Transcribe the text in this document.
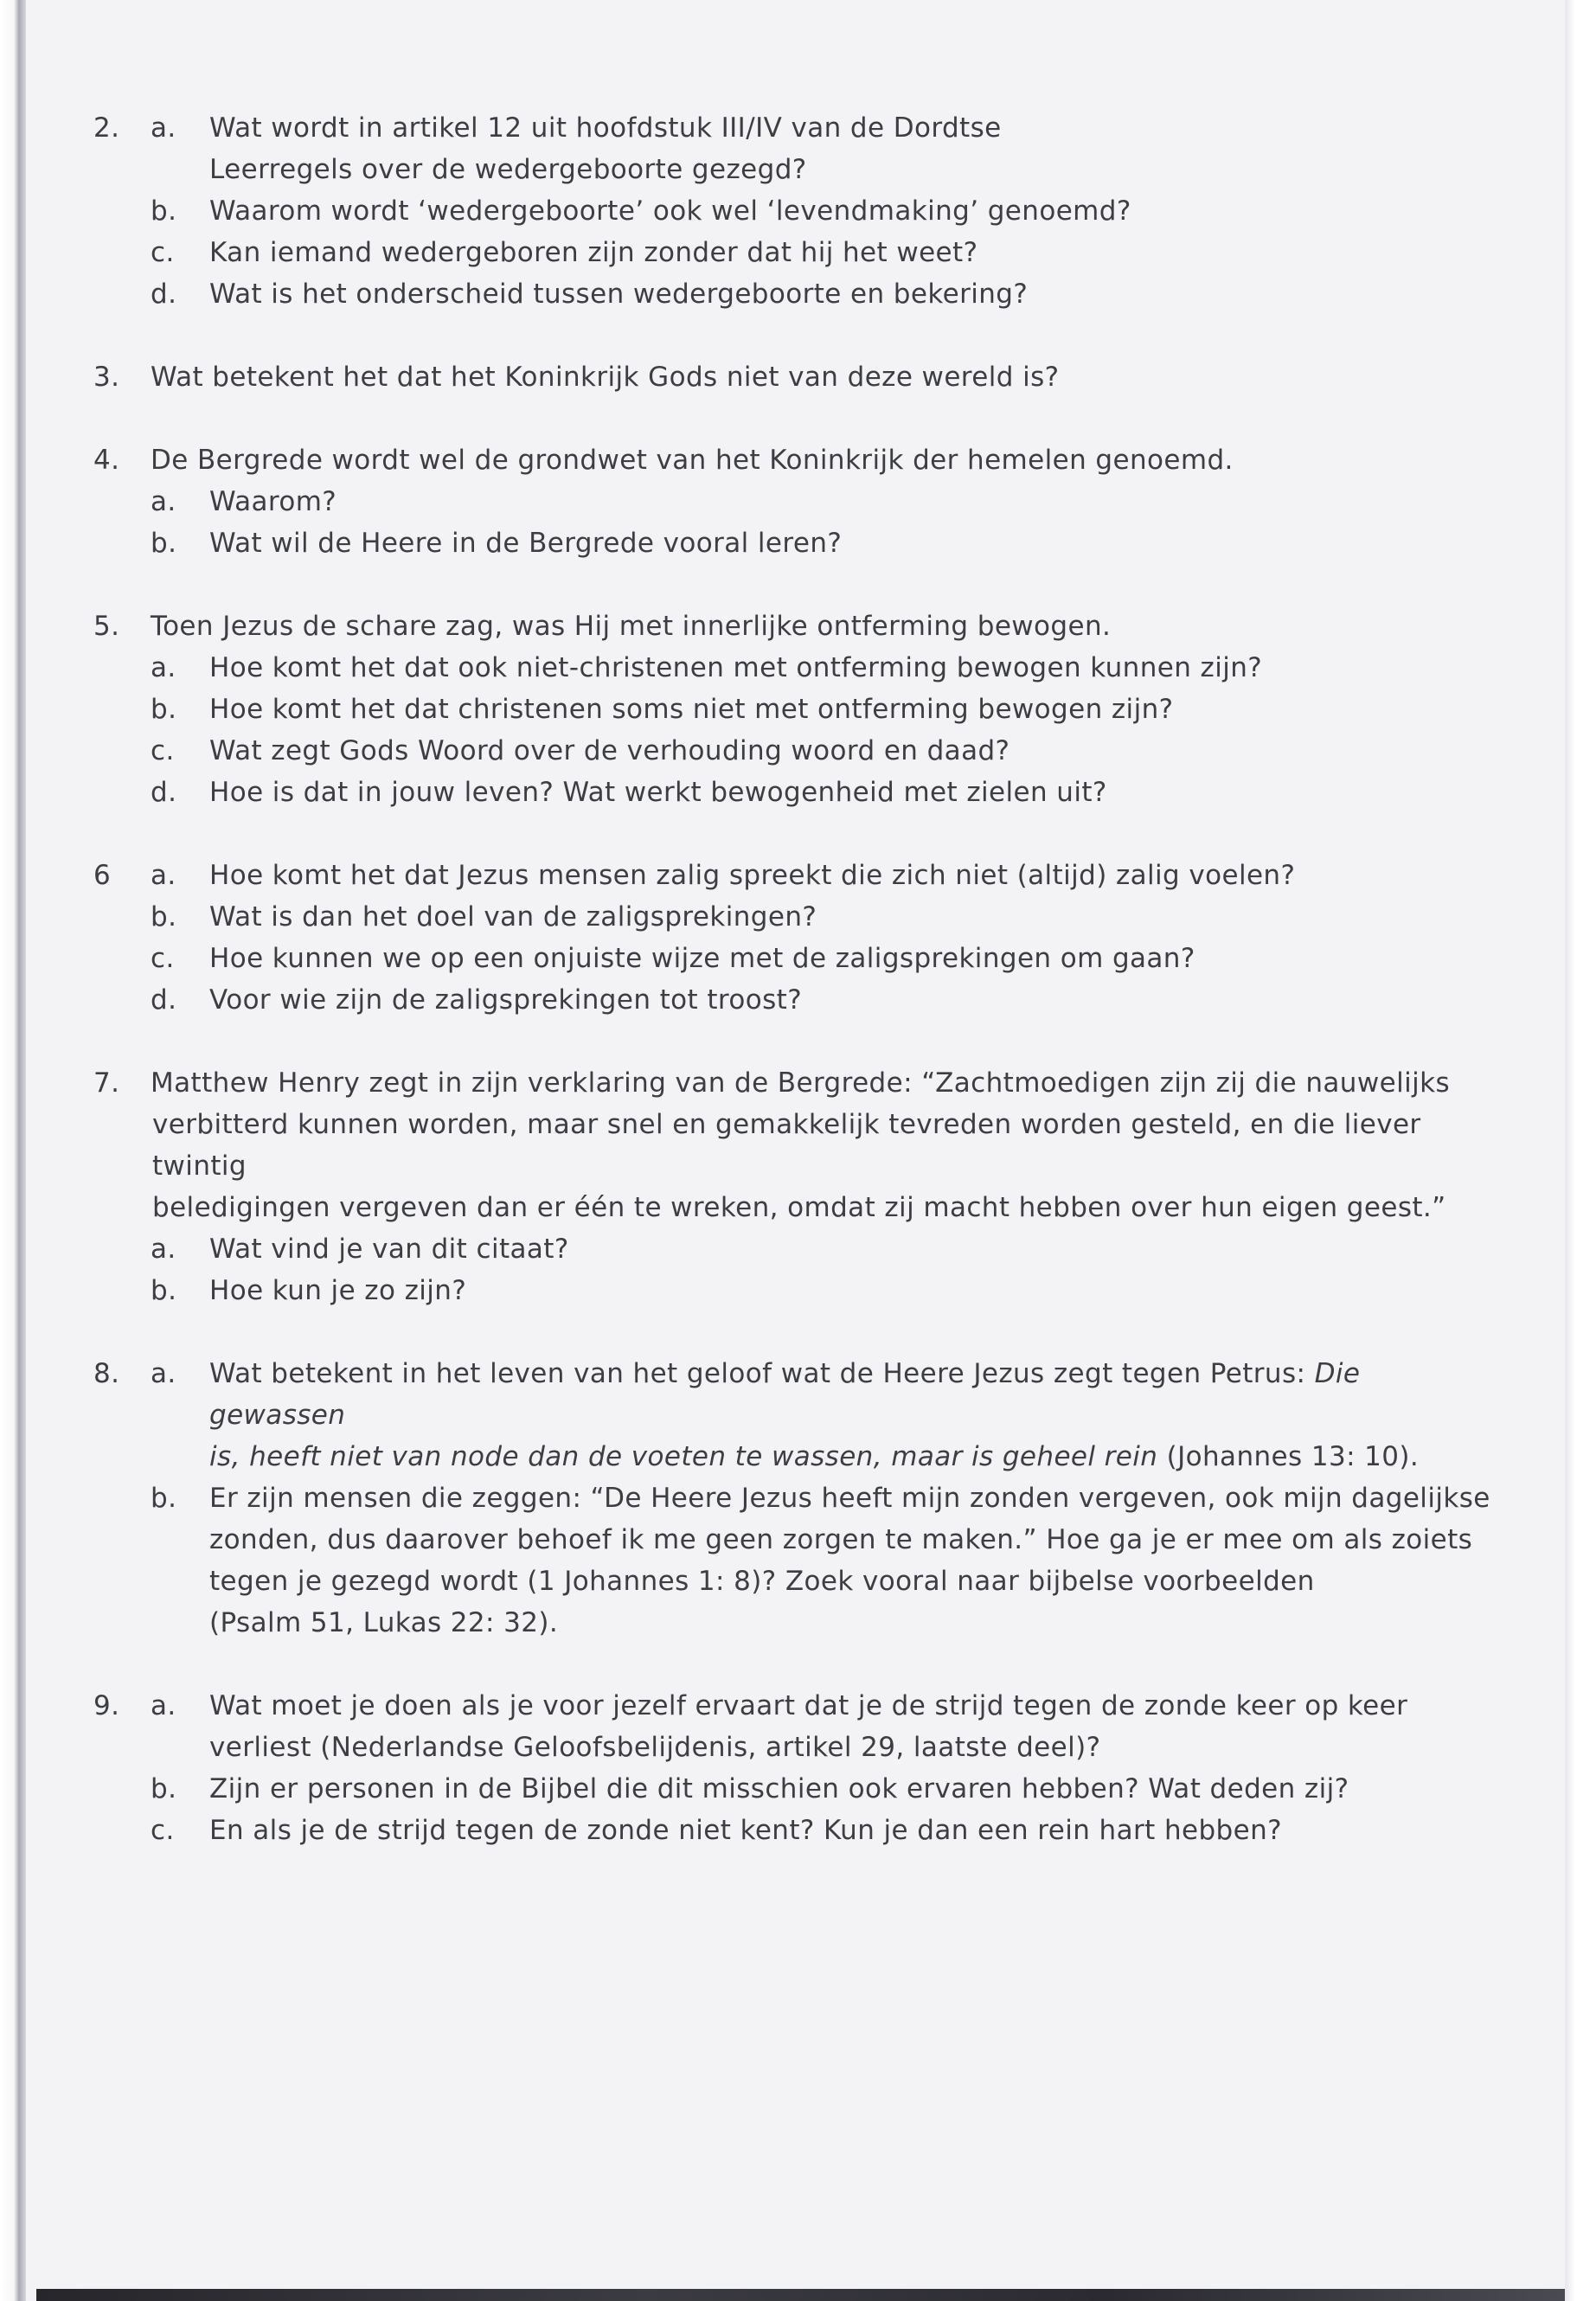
2.	a.	Wat wordt in artikel 12 uit hoofdstuk III/IV van de Dordtse
Leerregels over de wedergeboorte gezegd?
b.	Waarom wordt ‘wedergeboorte’ ook wel ‘levendmaking’ genoemd?
c.	Kan iemand wedergeboren zijn zonder dat hij het weet?
d.	Wat is het onderscheid tussen wedergeboorte en bekering?
3.	Wat betekent het dat het Koninkrijk Gods niet van deze wereld is?
4.	De Bergrede wordt wel de grondwet van het Koninkrijk der hemelen genoemd.
a.	Waarom?
b.	Wat wil de Heere in de Bergrede vooral leren?
5.	Toen Jezus de schare zag, was Hij met innerlijke ontferming bewogen.
a.	Hoe komt het dat ook niet-christenen met ontferming bewogen kunnen zijn?
b.	Hoe komt het dat christenen soms niet met ontferming bewogen zijn?
c.	Wat zegt Gods Woord over de verhouding woord en daad?
d.	Hoe is dat in jouw leven? Wat werkt bewogenheid met zielen uit?
6	a.	Hoe komt het dat Jezus mensen zalig spreekt die zich niet (altijd) zalig voelen?
b.	Wat is dan het doel van de zaligsprekingen?
c.	Hoe kunnen we op een onjuiste wijze met de zaligsprekingen om gaan?
d.	Voor wie zijn de zaligsprekingen tot troost?
7.	Matthew Henry zegt in zijn verklaring van de Bergrede: “Zachtmoedigen zijn zij die nauwelijks
verbitterd kunnen worden, maar snel en gemakkelijk tevreden worden gesteld, en die liever twintig
beledigingen vergeven dan er één te wreken, omdat zij macht hebben over hun eigen geest.”
a.	Wat vind je van dit citaat?
b.	Hoe kun je zo zijn?
8.	a.	Wat betekent in het leven van het geloof wat de Heere Jezus zegt tegen Petrus: Die gewassen
is, heeft niet van node dan de voeten te wassen, maar is geheel rein (Johannes 13: 10).
b.	Er zijn mensen die zeggen: “De Heere Jezus heeft mijn zonden vergeven, ook mijn dagelijkse
zonden, dus daarover behoef ik me geen zorgen te maken.” Hoe ga je er mee om als zoiets
tegen je gezegd wordt (1 Johannes 1: 8)? Zoek vooral naar bijbelse voorbeelden
(Psalm 51, Lukas 22: 32).
9.	a.	Wat moet je doen als je voor jezelf ervaart dat je de strijd tegen de zonde keer op keer
verliest (Nederlandse Geloofsbelijdenis, artikel 29, laatste deel)?
b.	Zijn er personen in de Bijbel die dit misschien ook ervaren hebben? Wat deden zij?
c.	En als je de strijd tegen de zonde niet kent? Kun je dan een rein hart hebben?
